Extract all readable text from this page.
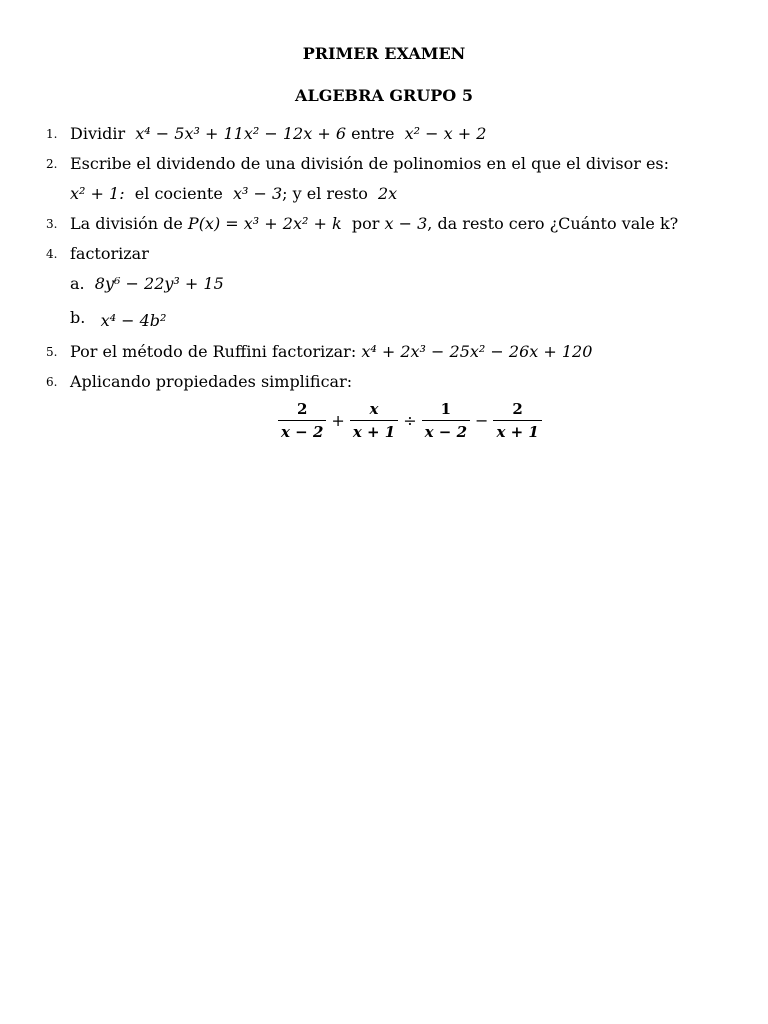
PRIMER EXAMEN
ALGEBRA GRUPO 5
1. Dividir x⁴ − 5x³ + 11x² − 12x + 6 entre x² − x + 2
2. Escribe el dividendo de una división de polinomios en el que el divisor es:
x² + 1: el cociente x³ − 3; y el resto 2x
3. La división de P(x) = x³ + 2x² + k por x − 3, da resto cero ¿Cuánto vale k?
4. factorizar
a. 8y⁶ − 22y³ + 15
b. x⁴ − 4b²
5. Por el método de Ruffini factorizar: x⁴ + 2x³ − 25x² − 26x + 120
6. Aplicando propiedades simplificar:
$\frac{2}{x - 2} + \frac{x}{x + 1} \div \frac{1}{x - 2} - \frac{2}{x + 1}$
